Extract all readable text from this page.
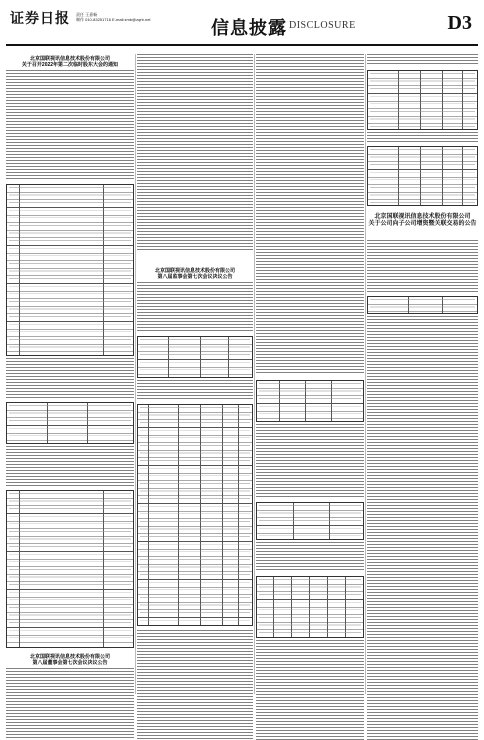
证券日报 责任 王嘉畅
制作 010-83251716 E-mail:zmb@zqrb.net	信息披露 DISCLOSURE	D3
北京国联视讯信息技术股份有限公司
关于召开2022年第二次临时股东大会的通知
北京国联视讯信息技术股份有限公司
第八届董事会第七次会议决议公告
北京国联视讯信息技术股份有限公司
第八届监事会第七次会议决议公告
北京国联视讯信息技术股份有限公司
关于公司向子公司增资暨关联交易的公告
